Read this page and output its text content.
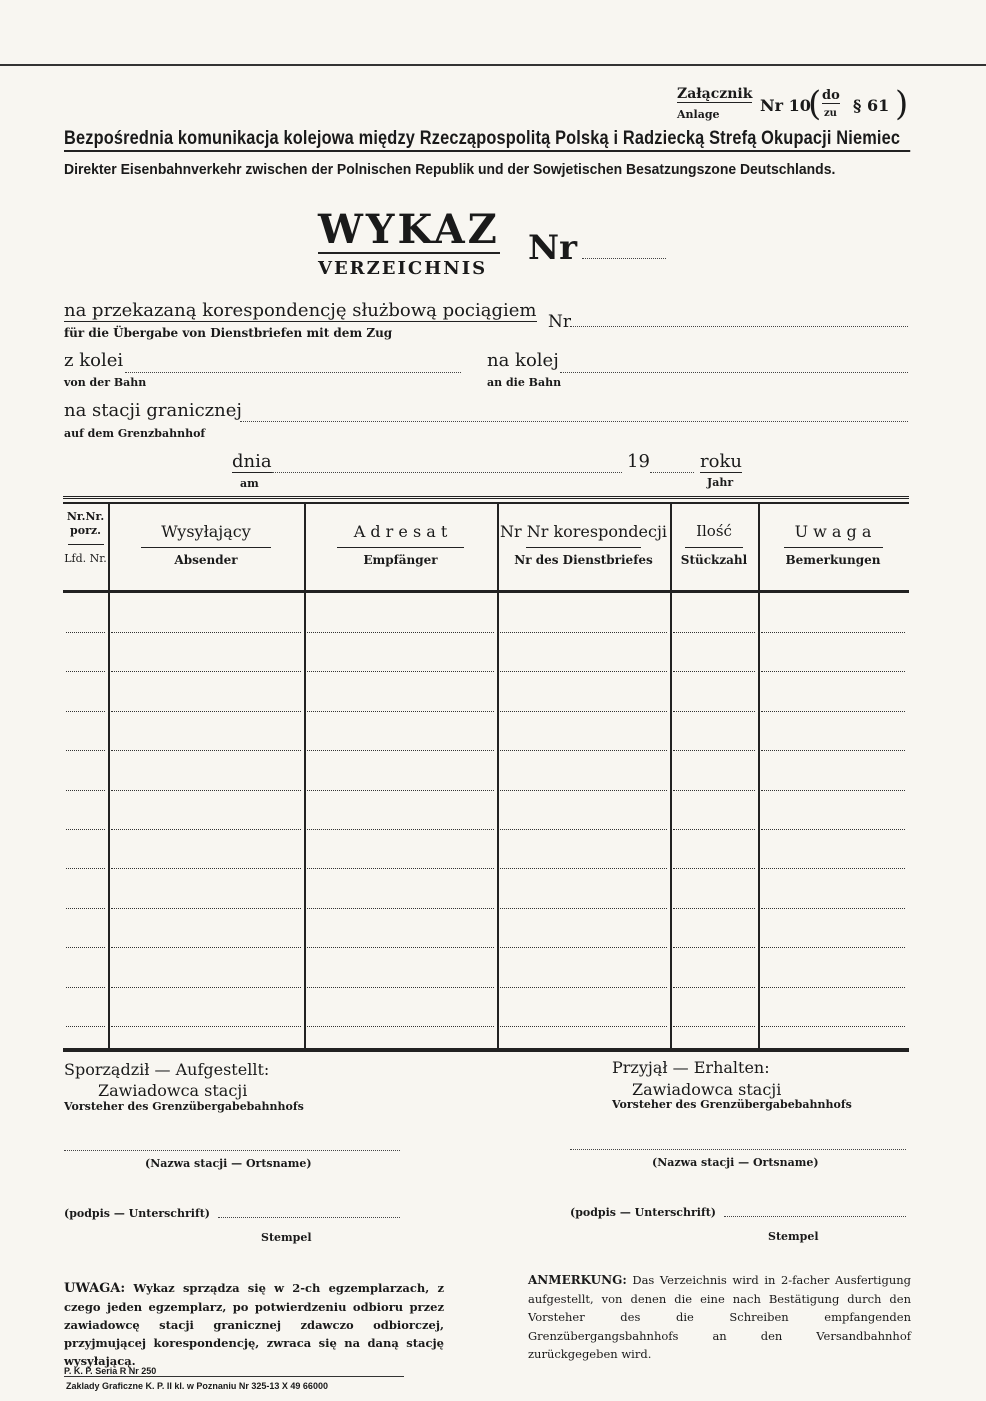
Załącznik
Anlage	Nr 10
( do
zu § 61 )
Bezpośrednia komunikacja kolejowa między Rzecząpospolitą Polską i Radziecką Strefą Okupacji Niemiec
Direkter Eisenbahnverkehr zwischen der Polnischen Republik und der Sowjetischen Besatzungszone Deutschlands.
WYKAZ
VERZEICHNIS
Nr
na przekazaną korespondencję służbową pociągiem
für die Übergabe von Dienstbriefen mit dem Zug
Nr
z kolei
von der Bahn
na kolej
an die Bahn
na stacji granicznej
auf dem Grenzbahnhof
dnia
am
19	roku
Jahr
Nr.Nr. porz.
Lfd. Nr.
Wysyłający
Absender
A d r e s a t
Empfänger
Nr Nr korespondecji
Nr des Dienstbriefes
Ilość
Stückzahl
U w a g a
Bemerkungen
Sporządził — Aufgestellt:
Zawiadowca stacji
Vorsteher des Grenzübergabebahnhofs
(Nazwa stacji — Ortsname)
(podpis — Unterschrift)
Stempel
Przyjął — Erhalten:
Zawiadowca stacji
Vorsteher des Grenzübergabebahnhofs
(Nazwa stacji — Ortsname)
(podpis — Unterschrift)
Stempel
UWAGA: Wykaz sprządza się w 2-ch egzemplarzach, z czego jeden egzemplarz, po potwierdzeniu odbioru przez zawiadowcę stacji granicznej zdawczo odbiorczej, przyjmującej korespondencję, zwraca się na daną stację wysyłającą.
ANMERKUNG: Das Verzeichnis wird in 2-facher Ausfertigung aufgestellt, von denen die eine nach Bestätigung durch den Vorsteher des die Schreiben empfangenden Grenzübergangsbahnhofs an den Versandbahnhof zurückgegeben wird.
P. K. P. Seria R Nr 250
Zaklady Graficzne K. P. II kl. w Poznaniu Nr 325-13 X 49 66000
